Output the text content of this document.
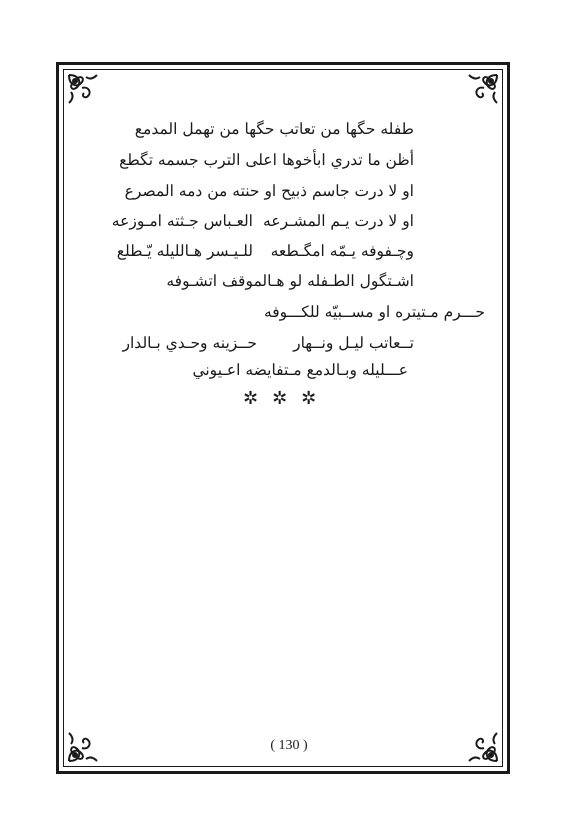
طفله حگها من تعاتب حگها من تهمل المدمع
أظن ما تدري ابأخوها اعلى الترب جسمه تگطع
او لا درت جاسم ذبيح او حنته من دمه المصرع
او لا درت يـم المشـرعه
العـباس جـثته امـوزعه
وچـفوفه يـمّه امگـطعه
للـيـسر هـالليله يّـطلع
اشـتگول الطـفله لو هـالموقف اتشـوفه
حـــرم مـتيتره او مســبيّه للكـــوفه
تــعاتب ليـل ونــهار
حــزينه وحـدي بـالدار
عـــليله وبـالدمع مـتفايضه اعـيوني
✲✲✲
( 130 )
